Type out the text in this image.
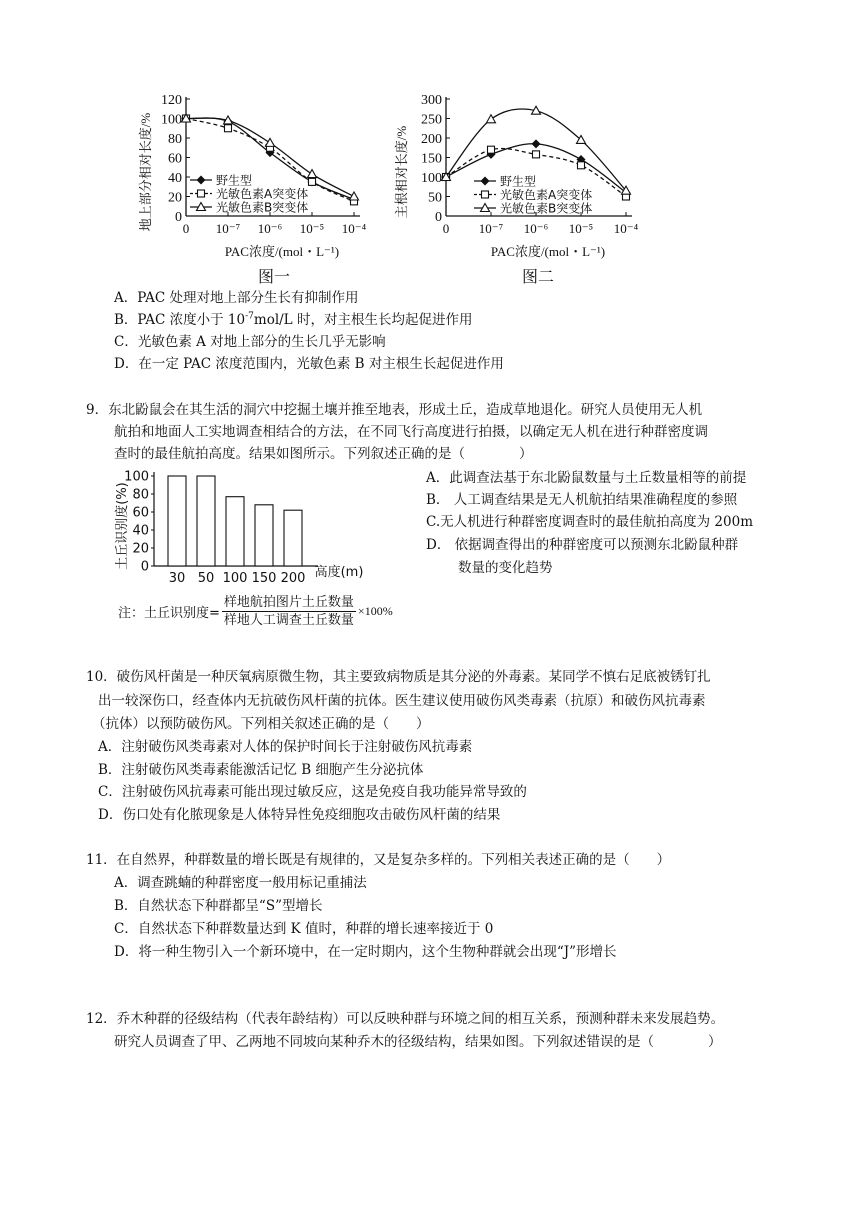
地上部分相对长度/% 0
20
40
60
80
100
120
0 10⁻⁷ 10⁻⁶ 10⁻⁵ 10⁻⁴
野生型
光敏色素A突变体
光敏色素B突变体
PAC浓度/(mol・L⁻¹)
图一
主根相对长度/% 0
50
100
150
200
250
300
0 10⁻⁷ 10⁻⁶ 10⁻⁵ 10⁻⁴
野生型
光敏色素A突变体
光敏色素B突变体
PAC浓度/(mol・L⁻¹)
图二
A．PAC 处理对地上部分生长有抑制作用
B．PAC 浓度小于 $10^{-7}mol/L$ 时，对主根生长均起促进作用
C．光敏色素 A 对地上部分的生长几乎无影响
D．在一定 PAC 浓度范围内，光敏色素 B 对主根生长起促进作用
9．东北鼢鼠会在其生活的洞穴中挖掘土壤并推至地表，形成土丘，造成草地退化。研究人员使用无人机
航拍和地面人工实地调查相结合的方法，在不同飞行高度进行拍摄，以确定无人机在进行种群密度调
查时的最佳航拍高度。结果如图所示。下列叙述正确的是（　　　　）
土丘识别度(%) 0
20
40
60
80
100
30 50 100 150 200 高度(m)
注：土丘识别度=
样地航拍图片土丘数量
样地人工调查土丘数量
×100%
A．此调查法基于东北鼢鼠数量与土丘数量相等的前提
B． 人工调查结果是无人机航拍结果准确程度的参照
C.无人机进行种群密度调查时的最佳航拍高度为 200m
D． 依据调查得出的种群密度可以预测东北鼢鼠种群
数量的变化趋势
10．破伤风杆菌是一种厌氧病原微生物，其主要致病物质是其分泌的外毒素。某同学不慎右足底被锈钉扎
出一较深伤口，经查体内无抗破伤风杆菌的抗体。医生建议使用破伤风类毒素（抗原）和破伤风抗毒素
（抗体）以预防破伤风。下列相关叙述正确的是（　　）
A．注射破伤风类毒素对人体的保护时间长于注射破伤风抗毒素
B．注射破伤风类毒素能激活记忆 B 细胞产生分泌抗体
C．注射破伤风抗毒素可能出现过敏反应，这是免疫自我功能异常导致的
D．伤口处有化脓现象是人体特异性免疫细胞攻击破伤风杆菌的结果
11．在自然界，种群数量的增长既是有规律的，又是复杂多样的。下列相关表述正确的是（　　）
A．调查跳蝻的种群密度一般用标记重捕法
B．自然状态下种群都呈“S”型增长
C．自然状态下种群数量达到 K 值时，种群的增长速率接近于 0
D．将一种生物引入一个新环境中，在一定时期内，这个生物种群就会出现“J”形增长
12．乔木种群的径级结构（代表年龄结构）可以反映种群与环境之间的相互关系，预测种群未来发展趋势。
研究人员调查了甲、乙两地不同坡向某种乔木的径级结构，结果如图。下列叙述错误的是（　　　　）
